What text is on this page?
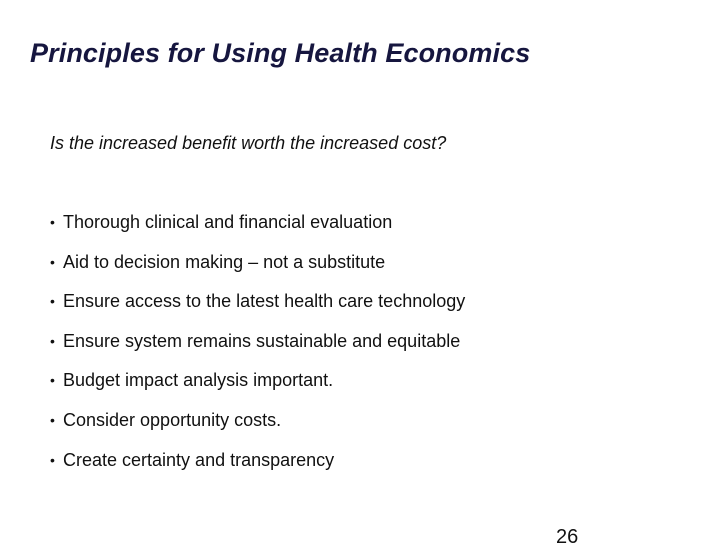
Principles for Using Health Economics

Is the increased benefit worth the increased cost?

• Thorough clinical and financial evaluation
• Aid to decision making – not a substitute
• Ensure access to the latest health care technology
• Ensure system remains sustainable and equitable
• Budget impact analysis important.
• Consider opportunity costs.
• Create certainty and transparency
26
